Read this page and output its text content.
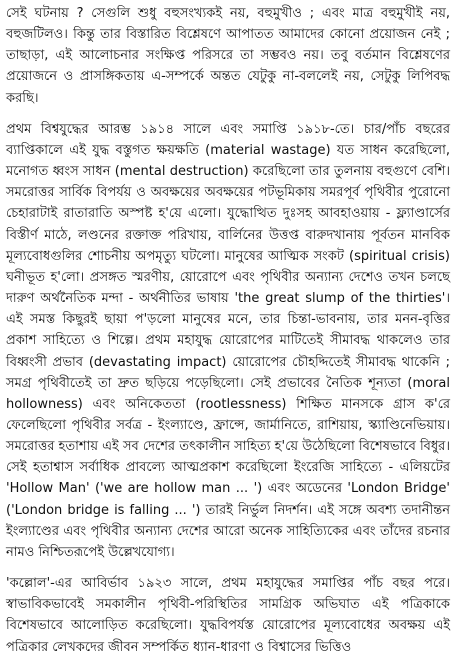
সেই ঘটনায় ? সেগুলি শুধু বহুসংখ্যকই নয়, বহুমুখীও ; এবং মাত্র বহুমুখীই নয়, বহুজটিলও। কিন্তু তার বিস্তারিত বিশ্লেষণে আপাতত আমাদের কোনো প্রয়োজন নেই ; তাছাড়া, এই আলোচনার সংক্ষিপ্ত পরিসরে তা সম্ভবও নয়। তবু বর্তমান বিশ্লেষণের প্রয়োজনে ও প্রাসঙ্গিকতায় এ-সম্পর্কে অন্তত যেটুকু না-বললেই নয়, সেটুকু লিপিবদ্ধ করছি।

প্রথম বিশ্বযুদ্ধের আরম্ভ ১৯১৪ সালে এবং সমাপ্তি ১৯১৮-তে। চার/পাঁচ বছরের ব্যাপ্তিকালে এই যুদ্ধ বস্তুগত ক্ষয়ক্ষতি (material wastage) যত সাধন করেছিলো, মনোগত ধ্বংস সাধন (mental destruction) করেছিলো তার তুলনায় বহুগুণে বেশি। সমরোত্তর সার্বিক বিপর্যয় ও অবক্ষয়ের অবক্ষয়ের পটভূমিকায় সমরপূর্ব পৃথিবীর পুরোনো চেহারাটাই রাতারাতি অস্পষ্ট হ'য়ে এলো। যুদ্ধোত্থিত দুঃসহ আবহাওয়ায় - ফ্ল্যাণ্ডার্সের বিস্তীর্ণ মাঠে, লণ্ডনের রক্তাক্ত পরিখায়, বার্লিনের উত্তপ্ত বারুদখানায় পূর্বতন মানবিক মূল্যবোধগুলির শোচনীয় অপমৃত্যু ঘটলো। মানুষের আত্মিক সংকট (spiritual crisis) ঘনীভূত হ'লো। প্রসঙ্গত স্মরণীয়, য়োরোপে এবং পৃথিবীর অন্যান্য দেশেও তখন চলছে দারুণ অর্থনৈতিক মন্দা - অর্থনীতির ভাষায় 'the great slump of the thirties'। এই সমস্ত কিছুরই ছায়া প'ড়লো মানুষের মনে, তার চিন্তা-ভাবনায়, তার মনন-বৃত্তির প্রকাশ সাহিত্যে ও শিল্পে। প্রথম মহাযুদ্ধ য়োরোপের মাটিতেই সীমাবদ্ধ থাকলেও তার বিধ্বংসী প্রভাব (devastating impact) য়োরোপের চৌহদ্দিতেই সীমাবদ্ধ থাকেনি ; সমগ্র পৃথিবীতেই তা দ্রুত ছড়িয়ে পড়েছিলো। সেই প্রভাবের নৈতিক শূন্যতা (moral hollowness) এবং অনিকেততা (rootlessness) শিক্ষিত মানসকে গ্রাস ক'রে ফেলেছিলো পৃথিবীর সর্বত্র - ইংল্যাণ্ডে, ফ্রান্সে, জার্মানিতে, রাশিয়ায়, স্ক্যাণ্ডিনেভিয়ায়। সমরোত্তর হতাশায় এই সব দেশের তৎকালীন সাহিত্য হ'য়ে উঠেছিলো বিশেষভাবে বিধুর। সেই হতাশ্বাস সর্বাধিক প্রাবল্যে আত্মপ্রকাশ করেছিলো ইংরেজি সাহিত্যে - এলিয়টের 'Hollow Man' ('we are hollow man ... ') এবং অডেনের 'London Bridge' ('London bridge is falling ... ') তারই নির্ভুল নিদর্শন। এই সঙ্গে অবশ্য তদানীন্তন ইংল্যাণ্ডের এবং পৃথিবীর অন্যান্য দেশের আরো অনেক সাহিত্যিকের এবং তাঁদের রচনার নামও নিশ্চিতরূপেই উল্লেখযোগ্য।

'কল্লোল'-এর আবির্ভাব ১৯২৩ সালে, প্রথম মহাযুদ্ধের সমাপ্তির পাঁচ বছর পরে। স্বাভাবিকভাবেই সমকালীন পৃথিবী-পরিস্থিতির সামগ্রিক অভিঘাত এই পত্রিকাকে বিশেষভাবে আলোড়িত করেছিলো। যুদ্ধবিপর্যস্ত য়োরোপের মূল্যবোধের অবক্ষয় এই পত্রিকার লেখকদের জীবন সম্পর্কিত ধ্যান-ধারণা ও বিশ্বাসের ভিত্তিও
